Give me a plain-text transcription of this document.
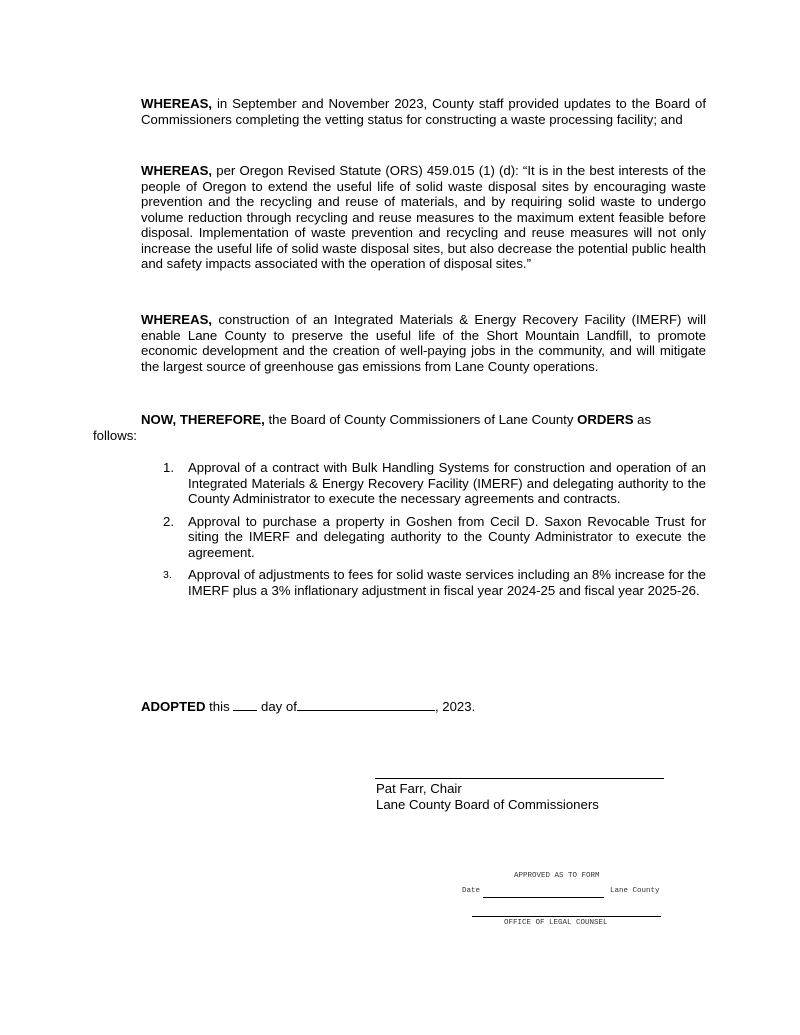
WHEREAS, in September and November 2023, County staff provided updates to the Board of Commissioners completing the vetting status for constructing a waste processing facility; and

WHEREAS, per Oregon Revised Statute (ORS) 459.015 (1) (d): “It is in the best interests of the people of Oregon to extend the useful life of solid waste disposal sites by encouraging waste prevention and the recycling and reuse of materials, and by requiring solid waste to undergo volume reduction through recycling and reuse measures to the maximum extent feasible before disposal. Implementation of waste prevention and recycling and reuse measures will not only increase the useful life of solid waste disposal sites, but also decrease the potential public health and safety impacts associated with the operation of disposal sites.”

WHEREAS, construction of an Integrated Materials & Energy Recovery Facility (IMERF) will enable Lane County to preserve the useful life of the Short Mountain Landfill, to promote economic development and the creation of well-paying jobs in the community, and will mitigate the largest source of greenhouse gas emissions from Lane County operations.

NOW, THEREFORE, the Board of County Commissioners of Lane County ORDERS as

follows:
1. Approval of a contract with Bulk Handling Systems for construction and operation of an Integrated Materials & Energy Recovery Facility (IMERF) and delegating authority to the County Administrator to execute the necessary agreements and contracts.
2. Approval to purchase a property in Goshen from Cecil D. Saxon Revocable Trust for siting the IMERF and delegating authority to the County Administrator to execute the agreement.
3. Approval of adjustments to fees for solid waste services including an 8% increase for the IMERF plus a 3% inflationary adjustment in fiscal year 2024-25 and fiscal year 2025-26.
ADOPTED this  day of	, 2023.
Pat Farr, Chair
Lane County Board of Commissioners
APPROVED AS TO FORM
Date	Lane County
OFFICE OF LEGAL COUNSEL
